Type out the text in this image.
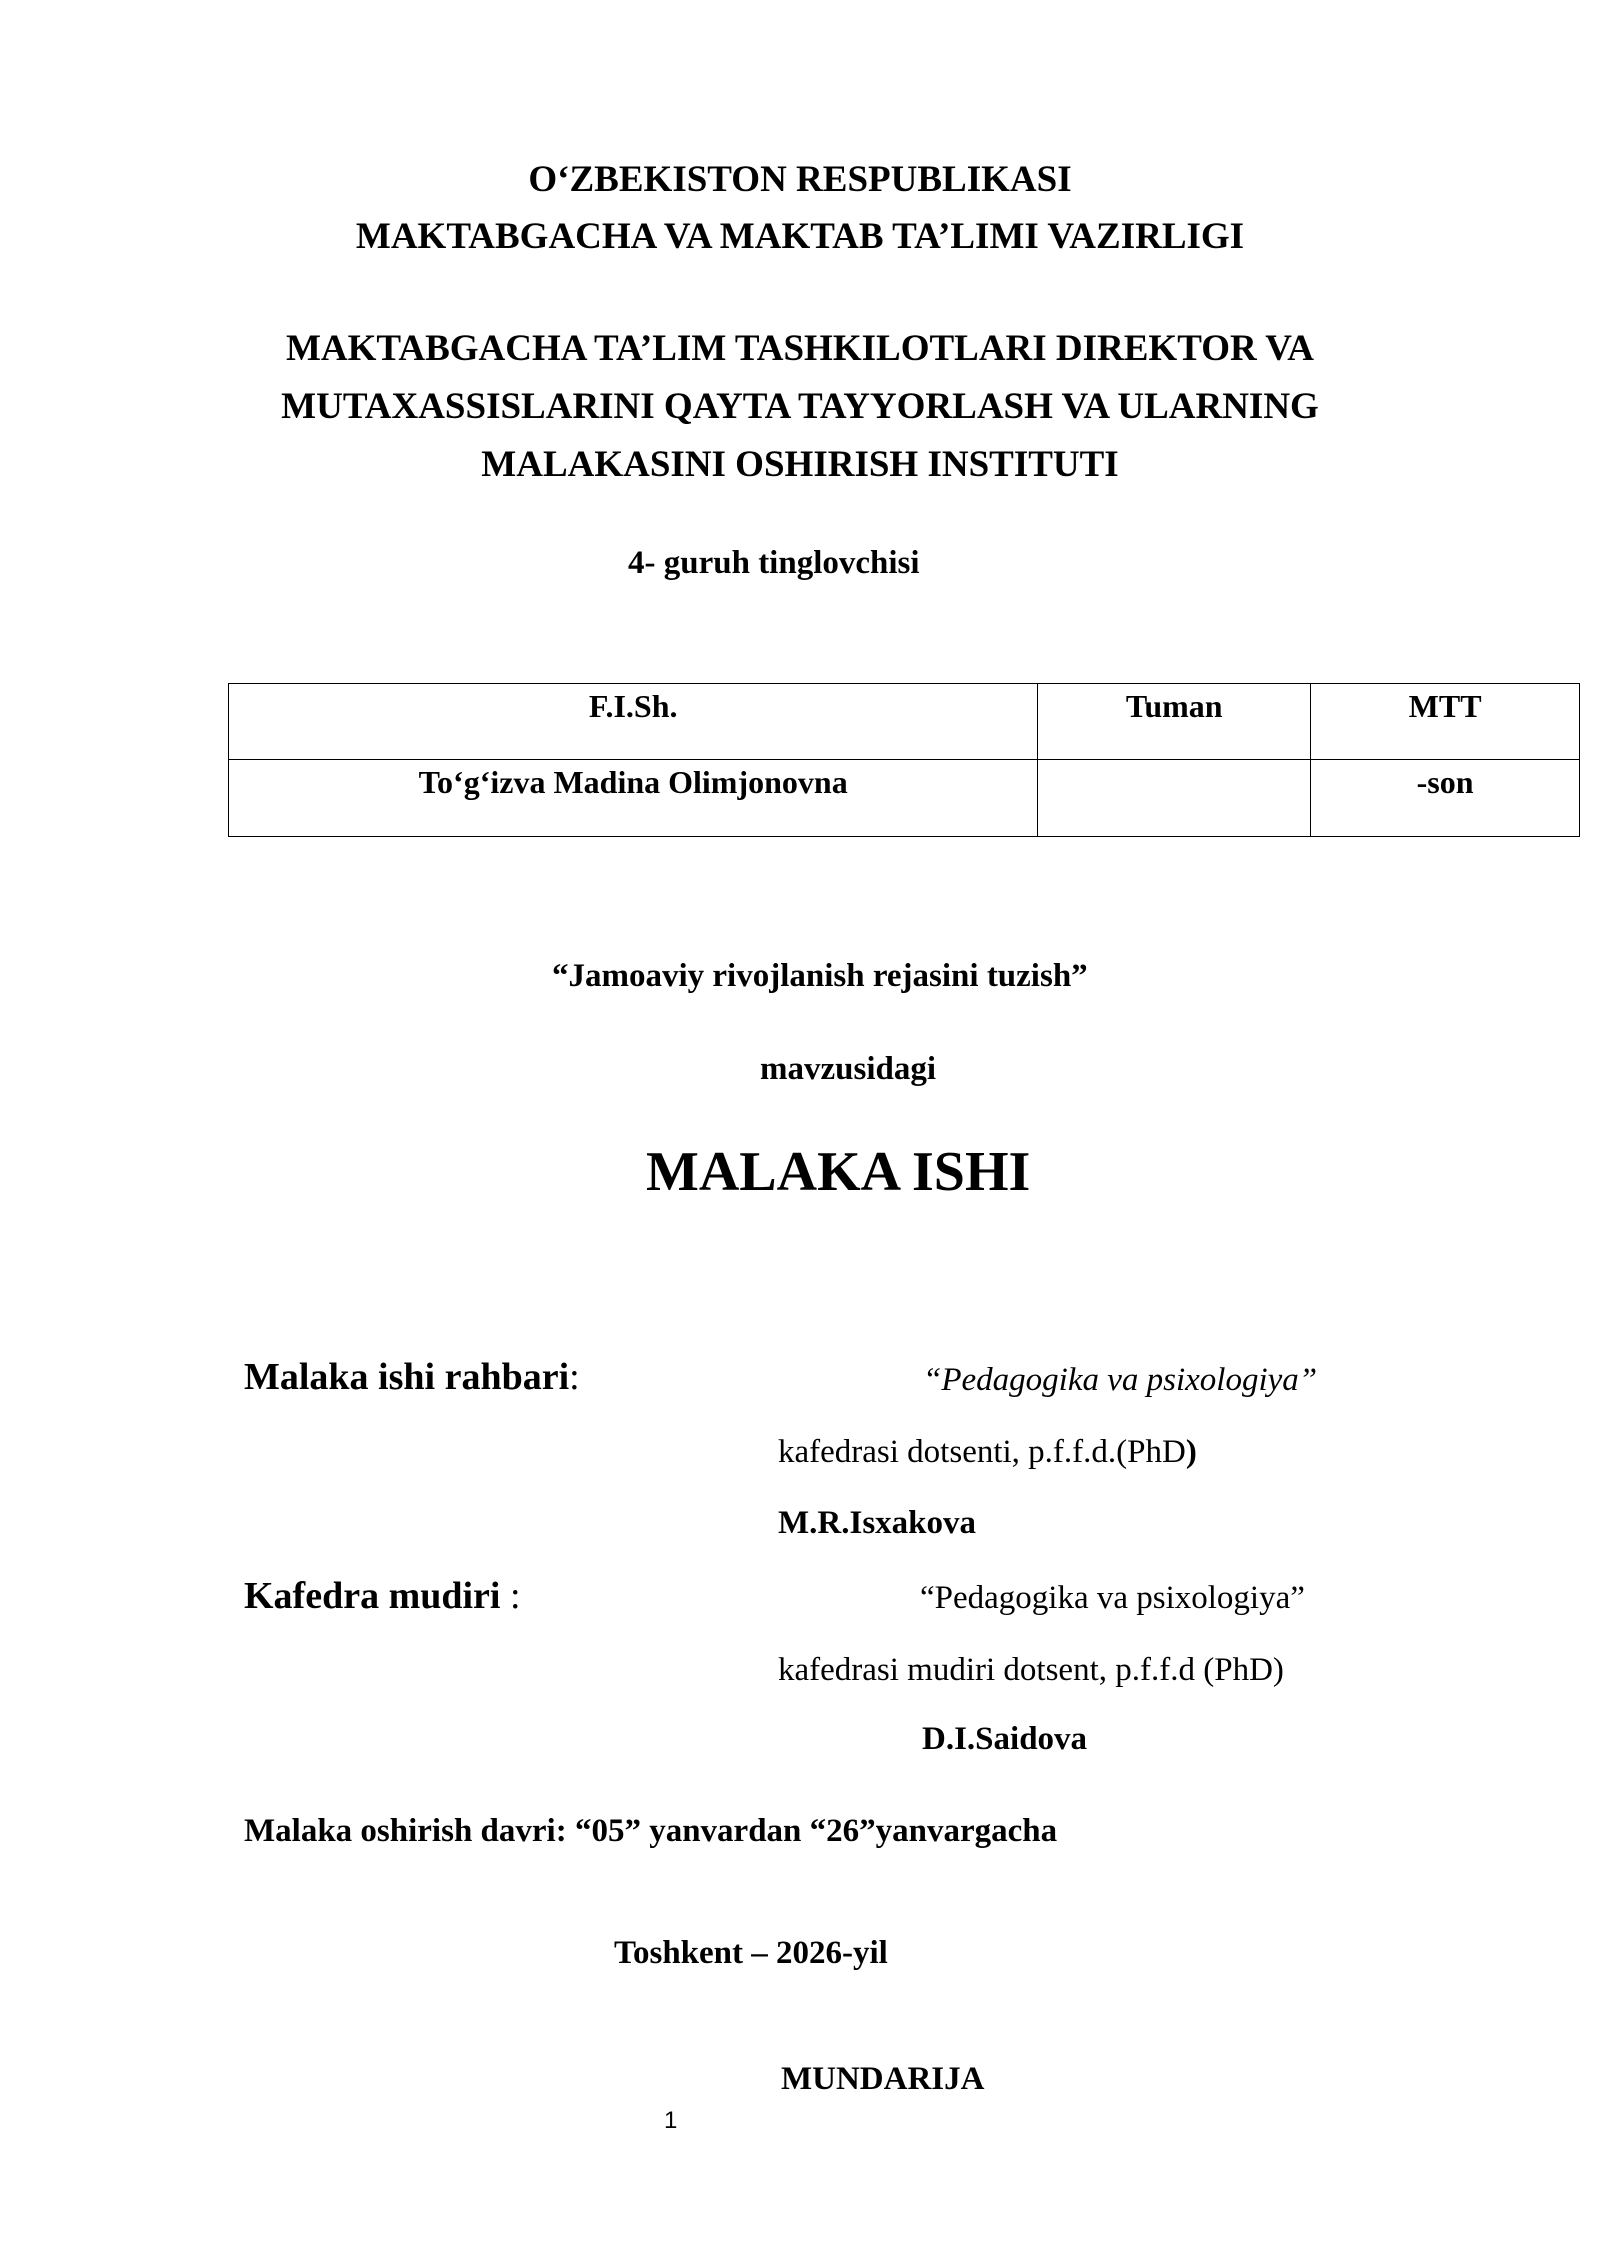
O‘ZBEKISTON RESPUBLIKASI
MAKTABGACHA VA MAKTAB TA’LIMI VAZIRLIGI
MAKTABGACHA TA’LIM TASHKILOTLARI DIREKTOR VA
MUTAXASSISLARINI QAYTA TAYYORLASH VA ULARNING
MALAKASINI OSHIRISH INSTITUTI
4- guruh tinglovchisi
F.I.Sh.	Tuman	MTT
To‘g‘izva Madina Olimjonovna		-son
“Jamoaviy rivojlanish rejasini tuzish”
mavzusidagi
MALAKA ISHI
Malaka ishi rahbari:	“Pedagogika va psixologiya”
kafedrasi dotsenti, p.f.f.d.(PhD)
M.R.Isxakova
Kafedra mudiri :	“Pedagogika va psixologiya”
kafedrasi mudiri dotsent, p.f.f.d (PhD)
D.I.Saidova
Malaka oshirish davri: “05” yanvardan “26”yanvargacha
Toshkent – 2026-yil
MUNDARIJA
1
